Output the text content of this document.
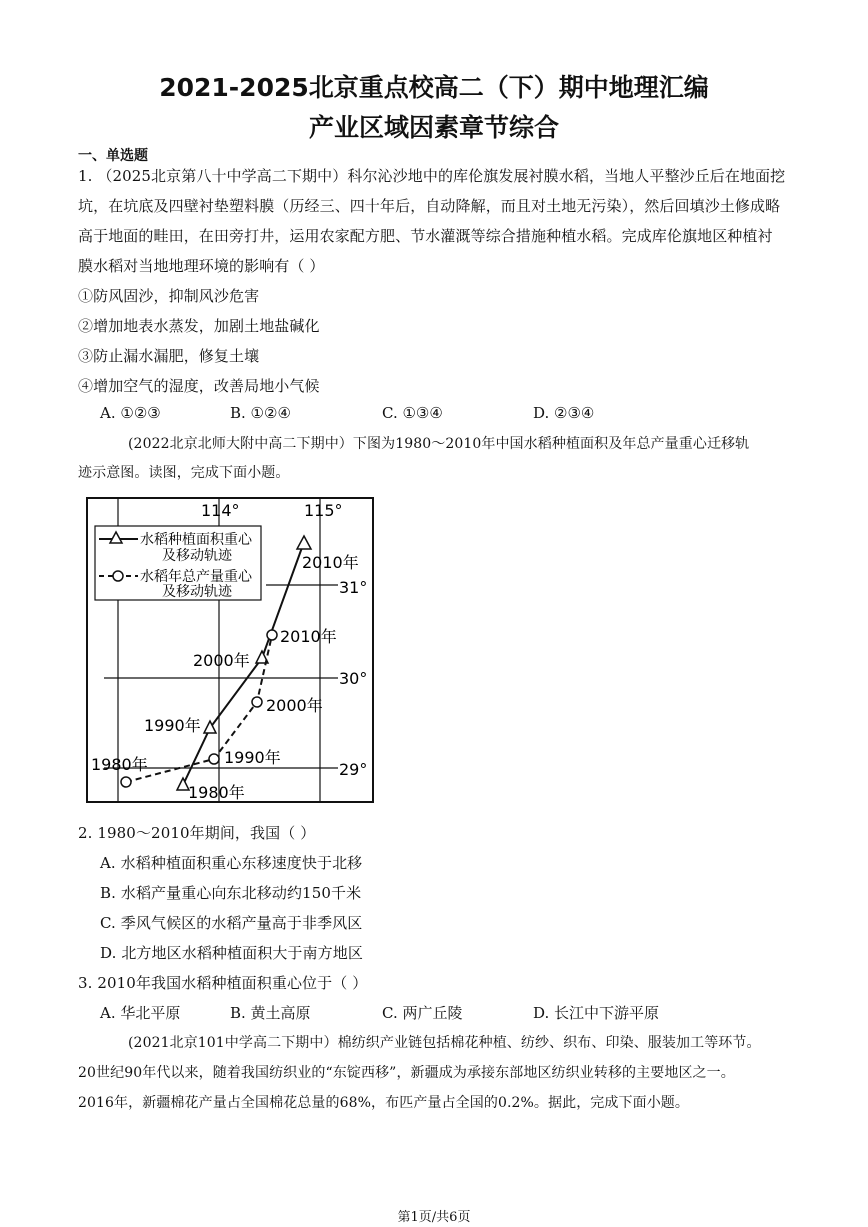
2021-2025北京重点校高二（下）期中地理汇编
产业区域因素章节综合
一、单选题
1. （2025北京第八十中学高二下期中）科尔沁沙地中的库伦旗发展衬膜水稻，当地人平整沙丘后在地面挖
坑，在坑底及四壁衬垫塑料膜（历经三、四十年后，自动降解，而且对土地无污染），然后回填沙土修成略
高于地面的畦田，在田旁打井，运用农家配方肥、节水灌溉等综合措施种植水稻。完成库伦旗地区种植衬
膜水稻对当地地理环境的影响有（ ）
①防风固沙，抑制风沙危害
②增加地表水蒸发，加剧土地盐碱化
③防止漏水漏肥，修复土壤
④增加空气的湿度，改善局地小气候
A. ①②③	B. ①②④	C. ①③④	D. ②③④
(2022北京北师大附中高二下期中）下图为1980～2010年中国水稻种植面积及年总产量重心迁移轨
迹示意图。读图，完成下面小题。
114°	115°
31°
30°
29°
水稻种植面积重心
及移动轨迹
水稻年总产量重心
及移动轨迹
1980年
1990年
2000年
2010年
1980年	1990年
2000年
2010年
2. 1980～2010年期间，我国（ ）
A. 水稻种植面积重心东移速度快于北移
B. 水稻产量重心向东北移动约150千米
C. 季风气候区的水稻产量高于非季风区
D. 北方地区水稻种植面积大于南方地区
3. 2010年我国水稻种植面积重心位于（ ）
A. 华北平原	B. 黄土高原	C. 两广丘陵	D. 长江中下游平原
(2021北京101中学高二下期中）棉纺织产业链包括棉花种植、纺纱、织布、印染、服装加工等环节。
20世纪90年代以来，随着我国纺织业的“东锭西移”，新疆成为承接东部地区纺织业转移的主要地区之一。
2016年，新疆棉花产量占全国棉花总量的68%，布匹产量占全国的0.2%。据此，完成下面小题。
第1页/共6页
